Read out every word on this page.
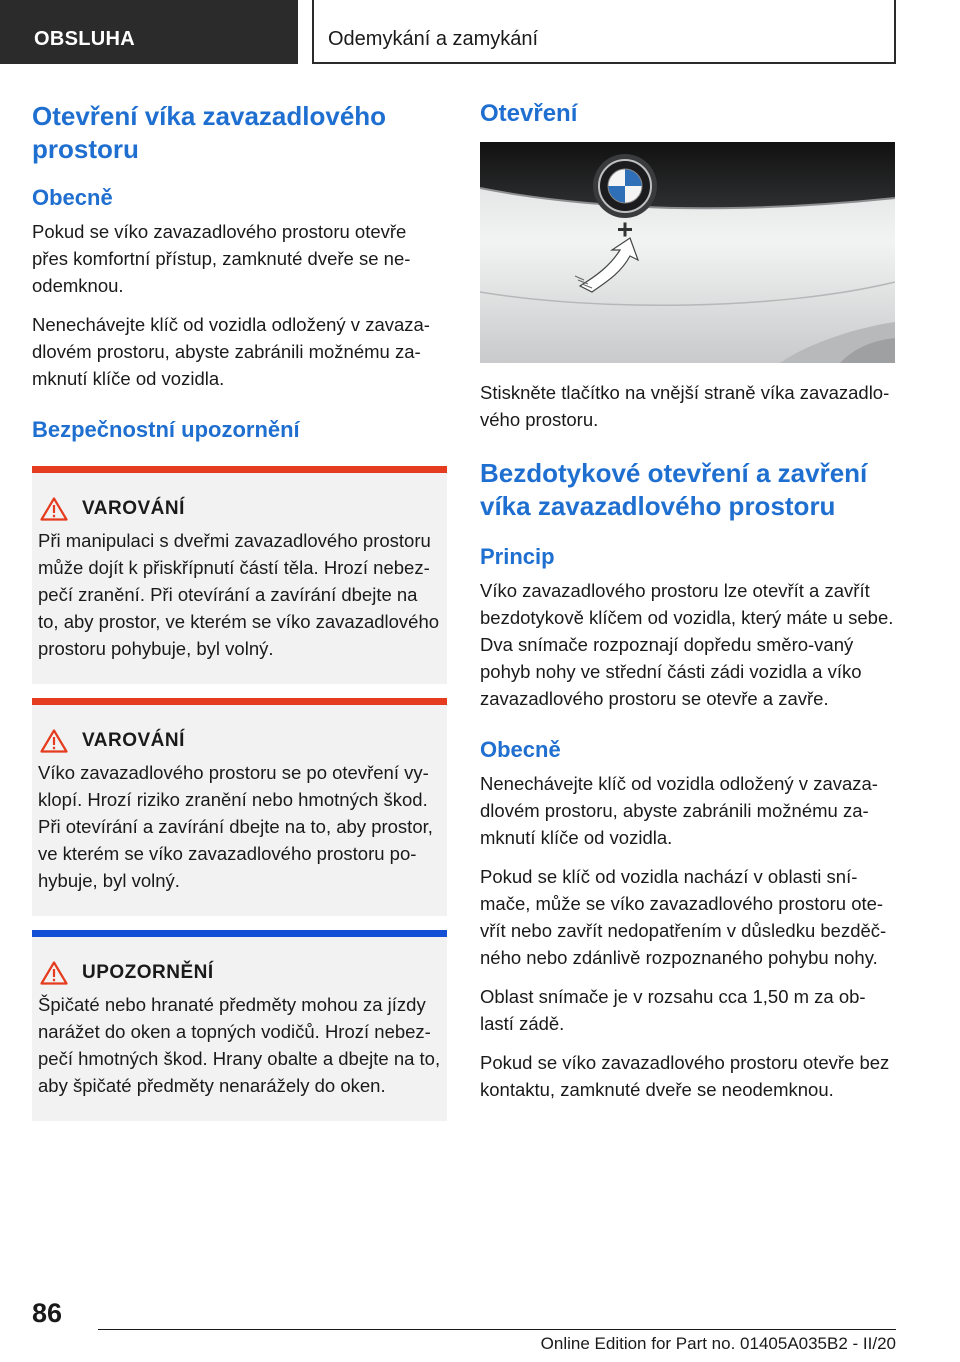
OBSLUHA	Odemykání a zamykání
Otevření víka zavazadlového prostoru
Obecně

Pokud se víko zavazadlového prostoru otevře přes komfortní přístup, zamknuté dveře se ne‐odemknou.

Nenechávejte klíč od vozidla odložený v zavaza‐dlovém prostoru, abyste zabránili možnému za‐mknutí klíče od vozidla.

Bezpečnostní upozornění
VAROVÁNÍ

Při manipulaci s dveřmi zavazadlového prostoru může dojít k přiskřípnutí částí těla. Hrozí nebez‐pečí zranění. Při otevírání a zavírání dbejte na to, aby prostor, ve kterém se víko zavazadlového prostoru pohybuje, byl volný.

VAROVÁNÍ

Víko zavazadlového prostoru se po otevření vy‐klopí. Hrozí riziko zranění nebo hmotných škod. Při otevírání a zavírání dbejte na to, aby prostor, ve kterém se víko zavazadlového prostoru po‐hybuje, byl volný.

UPOZORNĚNÍ

Špičaté nebo hranaté předměty mohou za jízdy narážet do oken a topných vodičů. Hrozí nebez‐pečí hmotných škod. Hrany obalte a dbejte na to, aby špičaté předměty nenarážely do oken.

Otevření

Stiskněte tlačítko na vnější straně víka zavazadlo‐vého prostoru.

Bezdotykové otevření a zavření víka zavazadlového prostoru
Princip

Víko zavazadlového prostoru lze otevřít a zavřít bezdotykově klíčem od vozidla, který máte u sebe. Dva snímače rozpoznají dopředu směro‐vaný pohyb nohy ve střední části zádi vozidla a víko zavazadlového prostoru se otevře a zavře.

Obecně

Nenechávejte klíč od vozidla odložený v zavaza‐dlovém prostoru, abyste zabránili možnému za‐mknutí klíče od vozidla.

Pokud se klíč od vozidla nachází v oblasti sní‐mače, může se víko zavazadlového prostoru ote‐vřít nebo zavřít nedopatřením v důsledku bezděč‐ného nebo zdánlivě rozpoznaného pohybu nohy.

Oblast snímače je v rozsahu cca 1,50 m za ob‐lastí zádě.

Pokud se víko zavazadlového prostoru otevře bez kontaktu, zamknuté dveře se neodemknou.

86
Online Edition for Part no. 01405A035B2 - II/20
